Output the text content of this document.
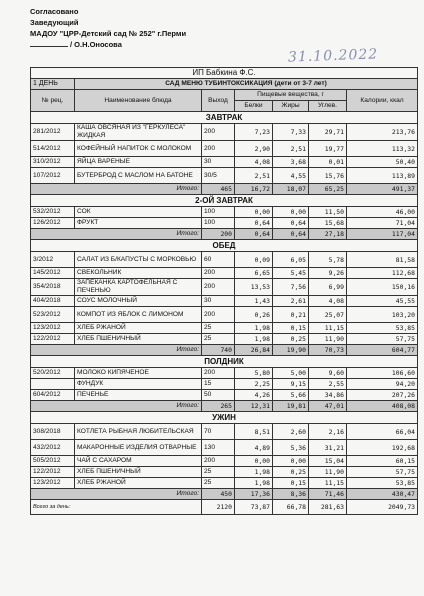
Согласовано
Заведующий
МАДОУ "ЦРР-Детский сад № 252" г.Перми
/ О.Н.Оносова
31.10.2022
ИП Бабкина Ф.С.						
1 ДЕНЬ	САД МЕНЮ ТУБИНТОКСИКАЦИЯ (дети от 3-7 лет)					
№ рец.	Наименование блюда	Выход	Пищевые вещества, г			Калории, ккал
			Белки	Жиры	Углев.	
ЗАВТРАК						
281/2012	КАША ОВСЯНАЯ ИЗ "ГЕРКУЛЕСА" ЖИДКАЯ	200	7,23	7,33	29,71	213,76
514/2012	КОФЕЙНЫЙ НАПИТОК С МОЛОКОМ	200	2,90	2,51	19,77	113,32
310/2012	ЯЙЦА ВАРЕНЫЕ	30	4,08	3,68	0,01	50,40
107/2012	БУТЕРБРОД С МАСЛОМ НА БАТОНЕ	30/5	2,51	4,55	15,76	113,89
Итого:		465	16,72	18,07	65,25	491,37
2-ОЙ ЗАВТРАК						
532/2012	СОК	100	0,00	0,00	11,50	46,00
126/2012	ФРУКТ	100	0,64	0,64	15,68	71,04
Итого:		200	0,64	0,64	27,18	117,04
ОБЕД						
3/2012	САЛАТ ИЗ Б/КАПУСТЫ С МОРКОВЬЮ	60	0,09	6,05	5,78	81,58
145/2012	СВЕКОЛЬНИК	200	6,65	5,45	9,26	112,68
354/2018	ЗАПЕКАНКА КАРТОФЕЛЬНАЯ С ПЕЧЕНЬЮ	200	13,53	7,56	6,99	150,16
404/2018	СОУС МОЛОЧНЫЙ	30	1,43	2,61	4,08	45,55
523/2012	КОМПОТ ИЗ ЯБЛОК С ЛИМОНОМ	200	0,26	0,21	25,07	103,20
123/2012	ХЛЕБ РЖАНОЙ	25	1,98	0,15	11,15	53,85
122/2012	ХЛЕБ ПШЕНИЧНЫЙ	25	1,98	0,25	11,90	57,75
Итого:		740	26,84	19,90	70,73	604,77
ПОЛДНИК						
520/2012	МОЛОКО КИПЯЧЕНОЕ	200	5,80	5,00	9,60	106,60
	ФУНДУК	15	2,25	9,15	2,55	94,20
604/2012	ПЕЧЕНЬЕ	50	4,26	5,66	34,86	207,26
Итого:		265	12,31	19,81	47,01	408,08
УЖИН						
308/2018	КОТЛЕТА РЫБНАЯ ЛЮБИТЕЛЬСКАЯ	70	8,51	2,60	2,16	66,04
432/2012	МАКАРОННЫЕ ИЗДЕЛИЯ ОТВАРНЫЕ	130	4,89	5,36	31,21	192,68
505/2012	ЧАЙ С САХАРОМ	200	0,00	0,00	15,04	60,15
122/2012	ХЛЕБ ПШЕНИЧНЫЙ	25	1,98	0,25	11,90	57,75
123/2012	ХЛЕБ РЖАНОЙ	25	1,98	0,15	11,15	53,85
Итого:		450	17,36	8,36	71,46	430,47
Всего за день:		2120	73,87	66,78	281,63	2049,73
